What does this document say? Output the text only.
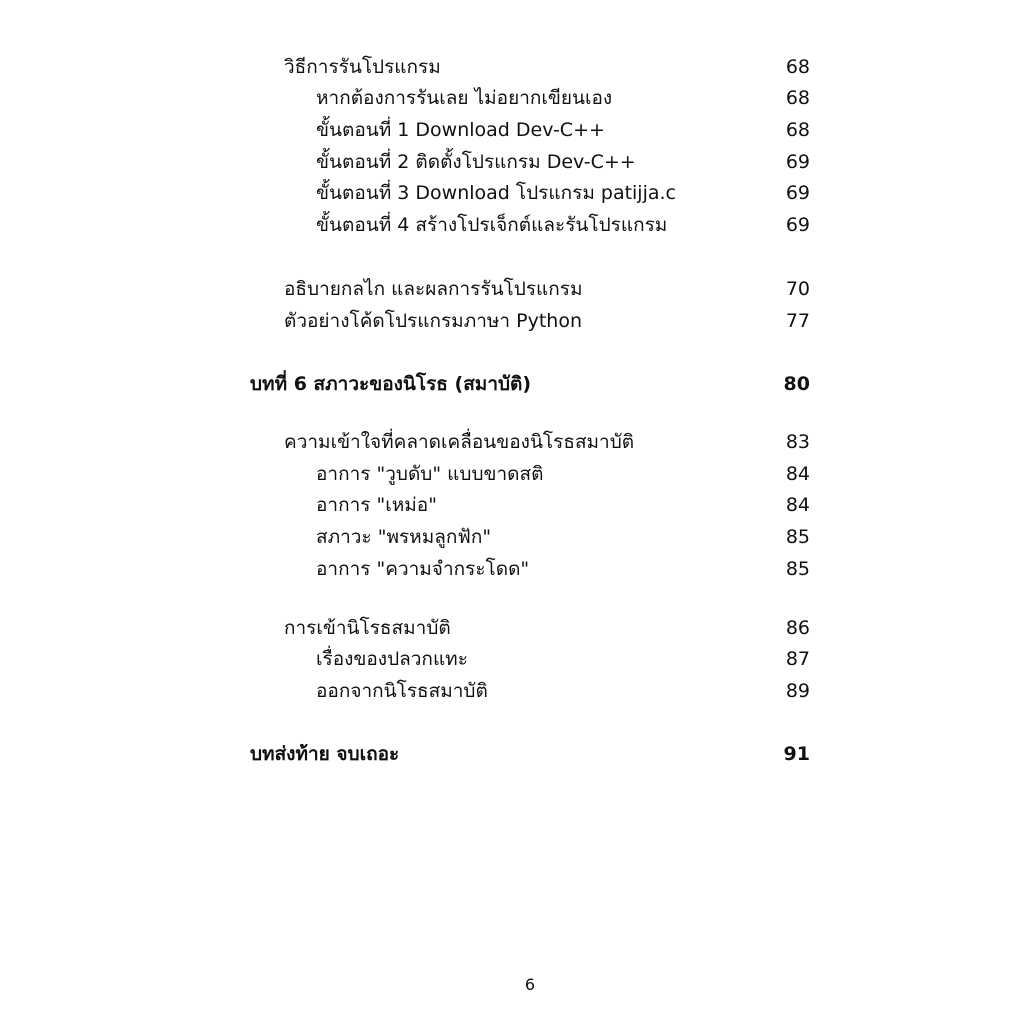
วิธีการรันโปรแกรม	68
หากต้องการรันเลย ไม่อยากเขียนเอง	68
ขั้นตอนที่ 1 Download Dev-C++	68
ขั้นตอนที่ 2 ติดตั้งโปรแกรม Dev-C++	69
ขั้นตอนที่ 3 Download โปรแกรม patijja.c	69
ขั้นตอนที่ 4 สร้างโปรเจ็กต์และรันโปรแกรม	69
อธิบายกลไก และผลการรันโปรแกรม	70
ตัวอย่างโค้ดโปรแกรมภาษา Python	77
บทที่ 6 สภาวะของนิโรธ (สมาบัติ)	80
ความเข้าใจที่คลาดเคลื่อนของนิโรธสมาบัติ	83
อาการ "วูบดับ" แบบขาดสติ	84
อาการ "เหม่อ"	84
สภาวะ "พรหมลูกฟัก"	85
อาการ "ความจำกระโดด"	85
การเข้านิโรธสมาบัติ	86
เรื่องของปลวกแทะ	87
ออกจากนิโรธสมาบัติ	89
บทส่งท้าย จบเถอะ	91
6
